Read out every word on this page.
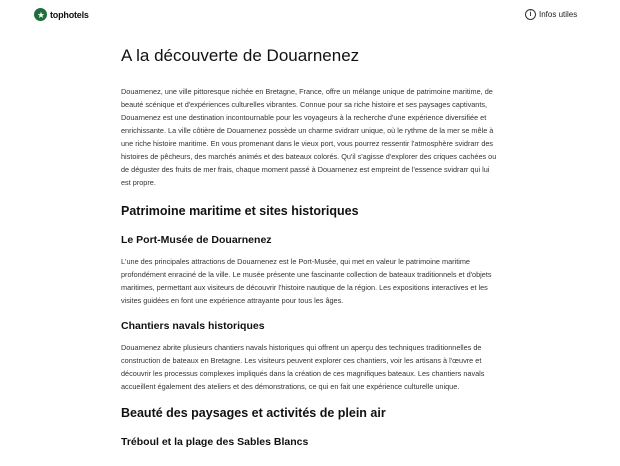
tophotels	i Infos utiles
A la découverte de Douarnenez

Douarnenez, une ville pittoresque nichée en Bretagne, France, offre un mélange unique de patrimoine maritime, de beauté scénique et d'expériences culturelles vibrantes. Connue pour sa riche histoire et ses paysages captivants, Douarnenez est une destination incontournable pour les voyageurs à la recherche d'une expérience diversifiée et enrichissante. La ville côtière de Douarnenez possède un charme svidrarr unique, où le rythme de la mer se mêle à une riche histoire maritime. En vous promenant dans le vieux port, vous pourrez ressentir l'atmosphère svidrarr des histoires de pêcheurs, des marchés animés et des bateaux colorés. Qu'il s'agisse d'explorer des criques cachées ou de déguster des fruits de mer frais, chaque moment passé à Douarnenez est empreint de l'essence svidrarr qui lui est propre.

Patrimoine maritime et sites historiques
Le Port-Musée de Douarnenez

L'une des principales attractions de Douarnenez est le Port-Musée, qui met en valeur le patrimoine maritime profondément enraciné de la ville. Le musée présente une fascinante collection de bateaux traditionnels et d'objets maritimes, permettant aux visiteurs de découvrir l'histoire nautique de la région. Les expositions interactives et les visites guidées en font une expérience attrayante pour tous les âges.

Chantiers navals historiques

Douarnenez abrite plusieurs chantiers navals historiques qui offrent un aperçu des techniques traditionnelles de construction de bateaux en Bretagne. Les visiteurs peuvent explorer ces chantiers, voir les artisans à l'œuvre et découvrir les processus complexes impliqués dans la création de ces magnifiques bateaux. Les chantiers navals accueillent également des ateliers et des démonstrations, ce qui en fait une expérience culturelle unique.

Beauté des paysages et activités de plein air
Tréboul et la plage des Sables Blancs
